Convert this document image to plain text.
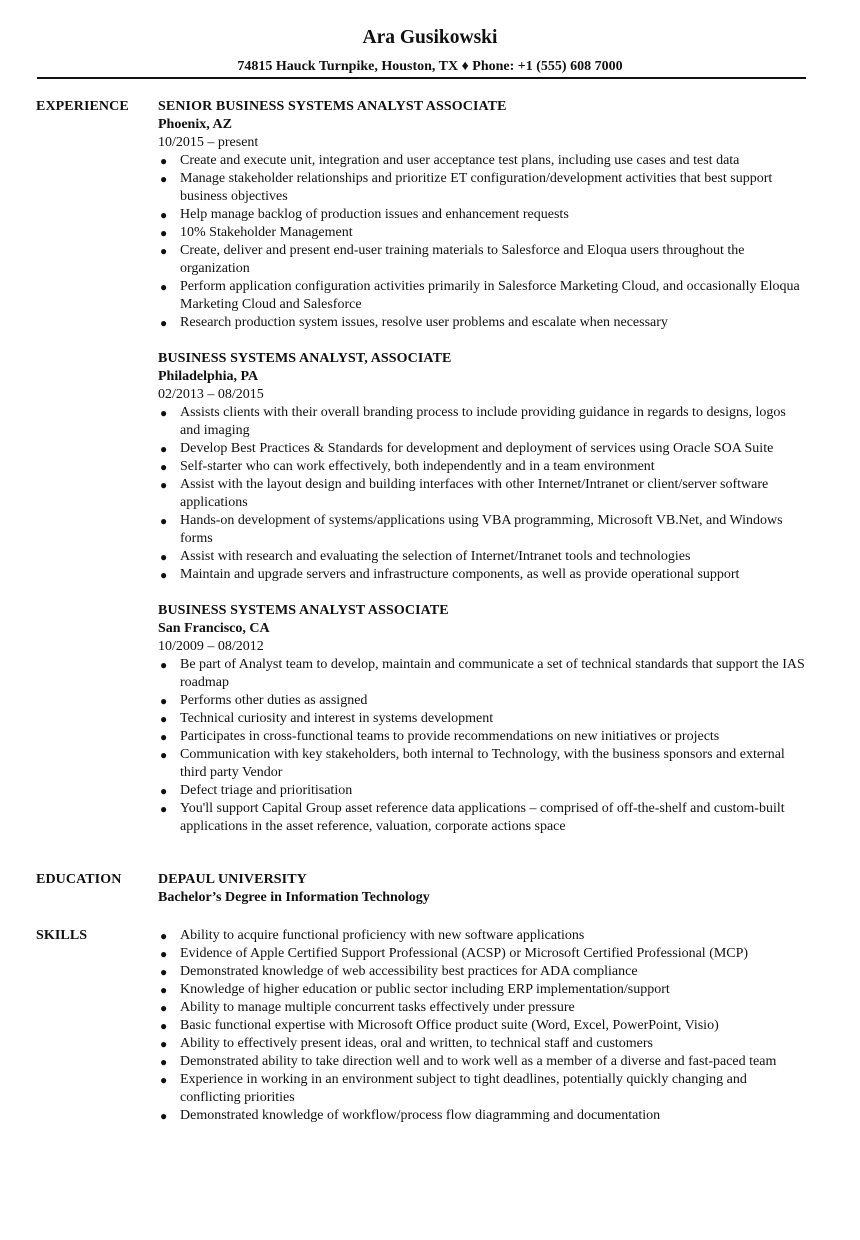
Ara Gusikowski
74815 Hauck Turnpike, Houston, TX ♦ Phone: +1 (555) 608 7000
EXPERIENCE SENIOR BUSINESS SYSTEMS ANALYST ASSOCIATE
Phoenix, AZ
10/2015 – present
● Create and execute unit, integration and user acceptance test plans, including use cases and test data
● Manage stakeholder relationships and prioritize ET configuration/development activities that best support business objectives
● Help manage backlog of production issues and enhancement requests
● 10% Stakeholder Management
● Create, deliver and present end-user training materials to Salesforce and Eloqua users throughout the organization
● Perform application configuration activities primarily in Salesforce Marketing Cloud, and occasionally Eloqua Marketing Cloud and Salesforce
● Research production system issues, resolve user problems and escalate when necessary
BUSINESS SYSTEMS ANALYST, ASSOCIATE
Philadelphia, PA
02/2013 – 08/2015
● Assists clients with their overall branding process to include providing guidance in regards to designs, logos and imaging
● Develop Best Practices & Standards for development and deployment of services using Oracle SOA Suite
● Self-starter who can work effectively, both independently and in a team environment
● Assist with the layout design and building interfaces with other Internet/Intranet or client/server software applications
● Hands-on development of systems/applications using VBA programming, Microsoft VB.Net, and Windows forms
● Assist with research and evaluating the selection of Internet/Intranet tools and technologies
● Maintain and upgrade servers and infrastructure components, as well as provide operational support
BUSINESS SYSTEMS ANALYST ASSOCIATE
San Francisco, CA
10/2009 – 08/2012
● Be part of Analyst team to develop, maintain and communicate a set of technical standards that support the IAS roadmap
● Performs other duties as assigned
● Technical curiosity and interest in systems development
● Participates in cross-functional teams to provide recommendations on new initiatives or projects
● Communication with key stakeholders, both internal to Technology, with the business sponsors and external third party Vendor
● Defect triage and prioritisation
● You'll support Capital Group asset reference data applications – comprised of off-the-shelf and custom-built applications in the asset reference, valuation, corporate actions space
EDUCATION	DEPAUL UNIVERSITY
Bachelor’s Degree in Information Technology
SKILLS	● Ability to acquire functional proficiency with new software applications
● Evidence of Apple Certified Support Professional (ACSP) or Microsoft Certified Professional (MCP)
● Demonstrated knowledge of web accessibility best practices for ADA compliance
● Knowledge of higher education or public sector including ERP implementation/support
● Ability to manage multiple concurrent tasks effectively under pressure
● Basic functional expertise with Microsoft Office product suite (Word, Excel, PowerPoint, Visio)
● Ability to effectively present ideas, oral and written, to technical staff and customers
● Demonstrated ability to take direction well and to work well as a member of a diverse and fast-paced team
● Experience in working in an environment subject to tight deadlines, potentially quickly changing and conflicting priorities
● Demonstrated knowledge of workflow/process flow diagramming and documentation
